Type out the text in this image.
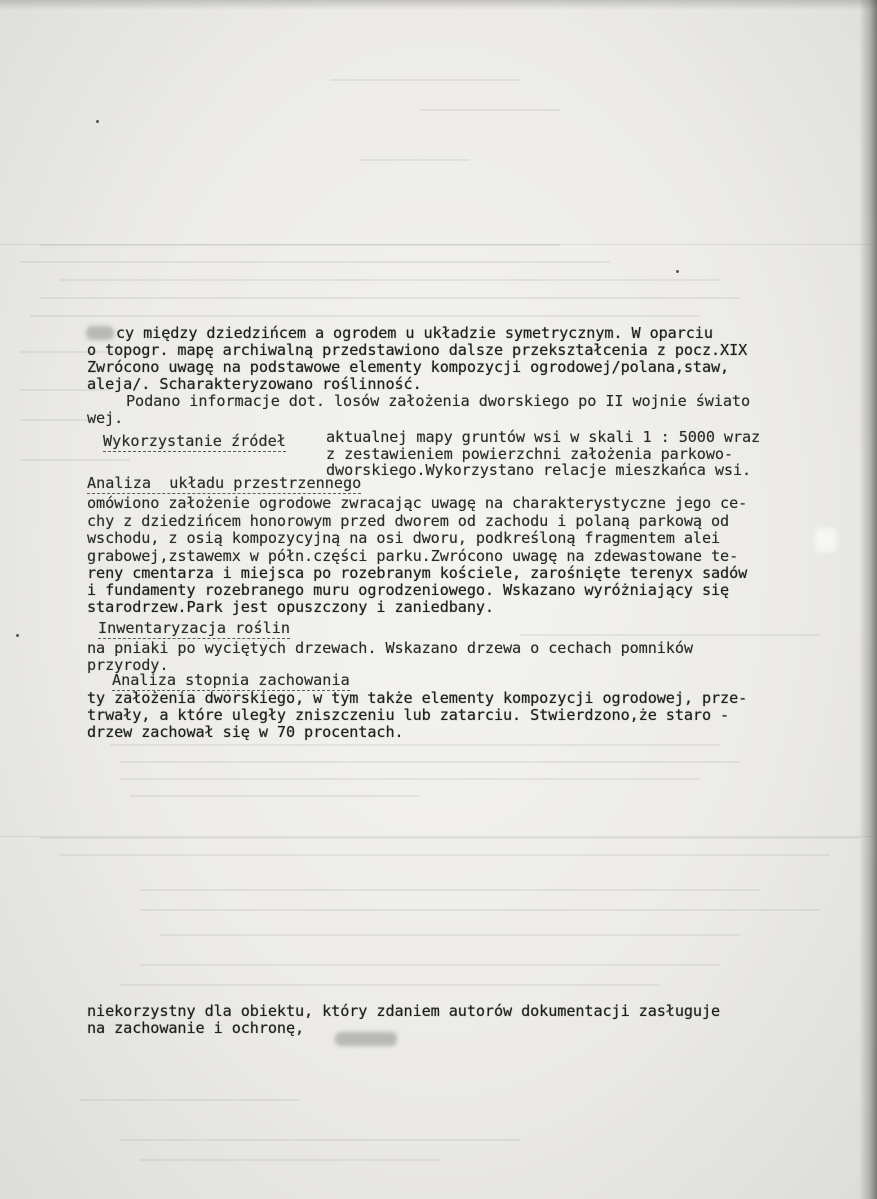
cy między dziedzińcem a ogrodem u układzie symetrycznym. W oparciu
o topogr. mapę archiwalną przedstawiono dalsze przekształcenia z pocz.XIX
Zwrócono uwagę na podstawowe elementy kompozycji ogrodowej/polana,staw,
aleja/. Scharakteryzowano roślinność.
Podano informacje dot. losów założenia dworskiego po II wojnie świato
wej.
Wykorzystanie źródeł	aktualnej mapy gruntów wsi w skali 1 : 5000 wraz
z zestawieniem powierzchni założenia parkowo-
dworskiego.Wykorzystano relacje mieszkańca wsi.
Analiza  układu przestrzennego
omówiono założenie ogrodowe zwracając uwagę na charakterystyczne jego ce-
chy z dziedzińcem honorowym przed dworem od zachodu i polaną parkową od
wschodu, z osią kompozycyjną na osi dworu, podkreśloną fragmentem alei
grabowej,zstawemx w półn.części parku.Zwrócono uwagę na zdewastowane te-
reny cmentarza i miejsca po rozebranym kościele, zarośnięte terenyx sadów
i fundamenty rozebranego muru ogrodzeniowego. Wskazano wyróżniający się
starodrzew.Park jest opuszczony i zaniedbany.
Inwentaryzacja roślin
na pniaki po wyciętych drzewach. Wskazano drzewa o cechach pomników
przyrody.
Analiza stopnia zachowania
ty założenia dworskiego, w tym także elementy kompozycji ogrodowej, prze-
trwały, a które uległy zniszczeniu lub zatarciu. Stwierdzono,że staro -
drzew zachował się w 70 procentach.
niekorzystny dla obiektu, który zdaniem autorów dokumentacji zasługuje
na zachowanie i ochronę,
